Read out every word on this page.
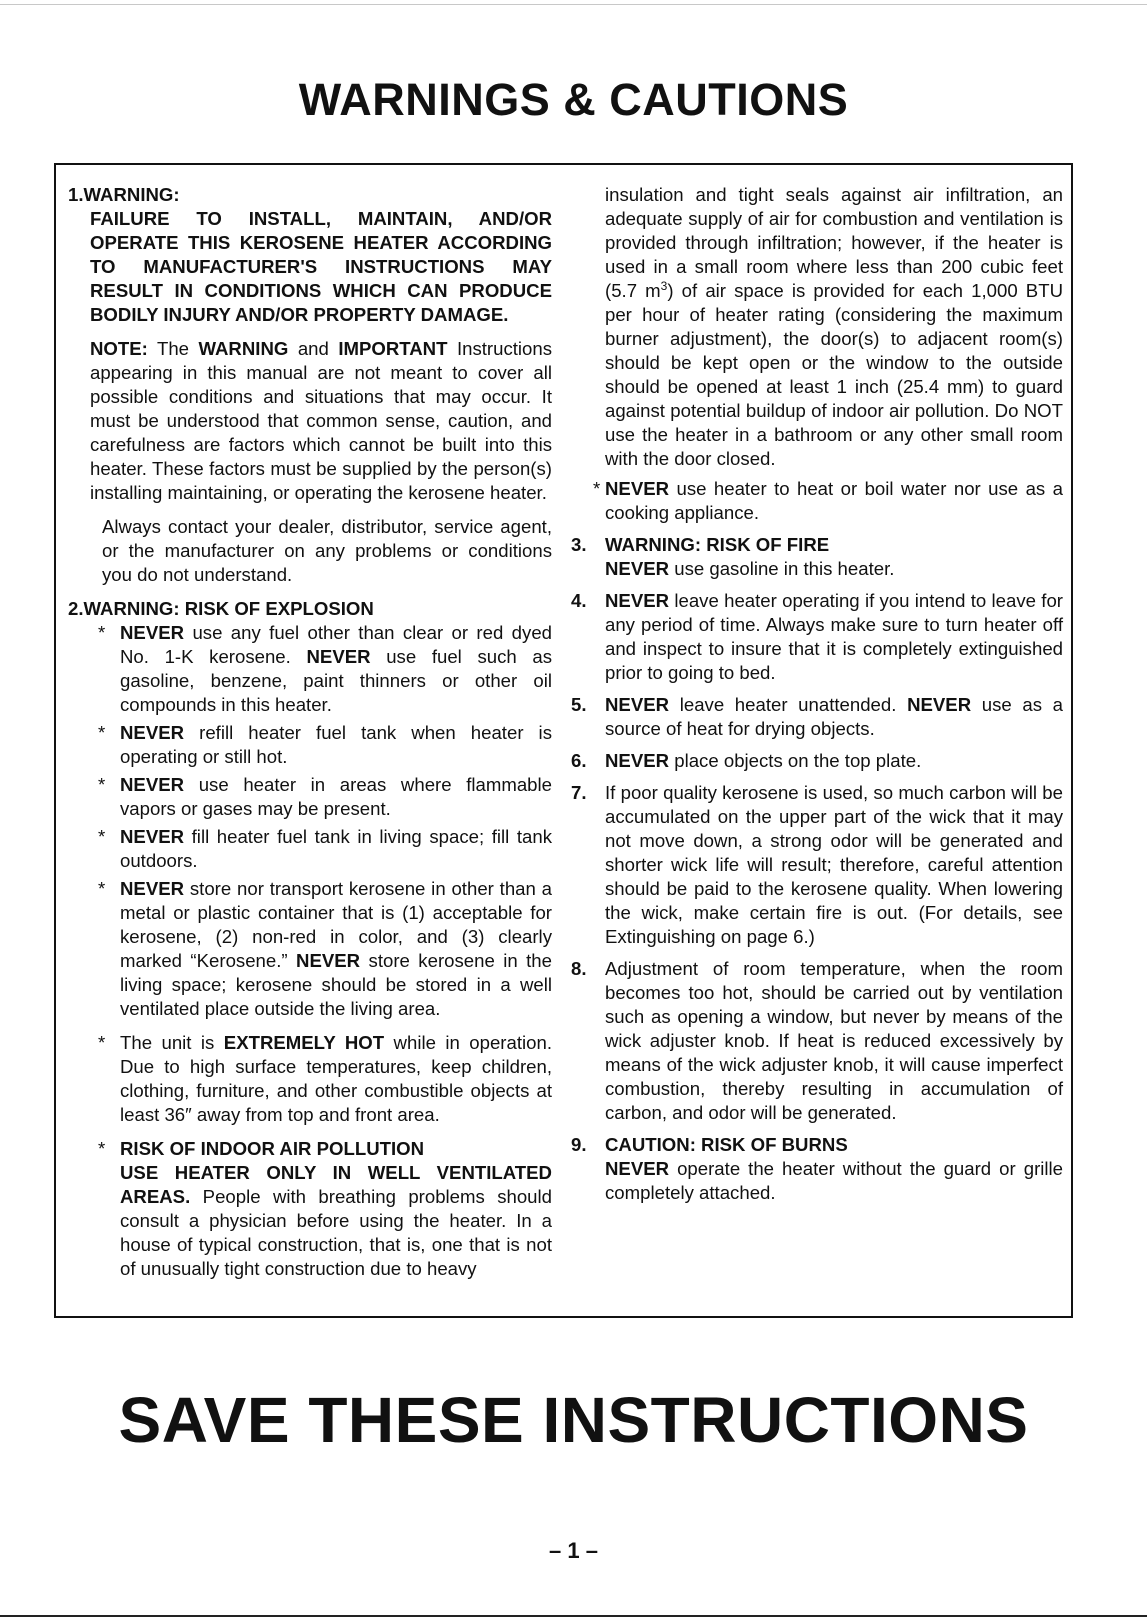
WARNINGS & CAUTIONS

1.WARNING:

FAILURE TO INSTALL, MAINTAIN, AND/OR OPERATE THIS KEROSENE HEATER ACCORDING TO MANUFACTURER'S INSTRUCTIONS MAY RESULT IN CONDITIONS WHICH CAN PRODUCE BODILY INJURY AND/OR PROPERTY DAMAGE.

NOTE: The WARNING and IMPORTANT Instructions appearing in this manual are not meant to cover all possible conditions and situations that may occur. It must be understood that common sense, caution, and carefulness are factors which cannot be built into this heater. These factors must be supplied by the person(s) installing maintaining, or operating the kerosene heater.

Always contact your dealer, distributor, service agent, or the manufacturer on any problems or conditions you do not understand.

2.WARNING: RISK OF EXPLOSION

* NEVER use any fuel other than clear or red dyed No. 1-K kerosene. NEVER use fuel such as gasoline, benzene, paint thinners or other oil compounds in this heater.
* NEVER refill heater fuel tank when heater is operating or still hot.
* NEVER use heater in areas where flammable vapors or gases may be present.
* NEVER fill heater fuel tank in living space; fill tank outdoors.
* NEVER store nor transport kerosene in other than a metal or plastic container that is (1) acceptable for kerosene, (2) non-red in color, and (3) clearly marked “Kerosene.” NEVER store kerosene in the living space; kerosene should be stored in a well ventilated place outside the living area.
* The unit is EXTREMELY HOT while in operation. Due to high surface temperatures, keep children, clothing, furniture, and other combustible objects at least 36″ away from top and front area.
* RISK OF INDOOR AIR POLLUTION
USE HEATER ONLY IN WELL VENTILATED AREAS. People with breathing problems should consult a physician before using the heater. In a house of typical construction, that is, one that is not of unusually tight construction due to heavy

insulation and tight seals against air infiltration, an adequate supply of air for combustion and ventilation is provided through infiltration; however, if the heater is used in a small room where less than 200 cubic feet (5.7 $m^3$) of air space is provided for each 1,000 BTU per hour of heater rating (considering the maximum burner adjustment), the door(s) to adjacent room(s) should be kept open or the window to the outside should be opened at least 1 inch (25.4 mm) to guard against potential buildup of indoor air pollution. Do NOT use the heater in a bathroom or any other small room with the door closed.

* NEVER use heater to heat or boil water nor use as a cooking appliance.
3. WARNING: RISK OF FIRE

NEVER use gasoline in this heater.

4. NEVER leave heater operating if you intend to leave for any period of time. Always make sure to turn heater off and inspect to insure that it is completely extinguished prior to going to bed.

5. NEVER leave heater unattended. NEVER use as a source of heat for drying objects.

6. NEVER place objects on the top plate.

7. If poor quality kerosene is used, so much carbon will be accumulated on the upper part of the wick that it may not move down, a strong odor will be generated and shorter wick life will result; therefore, careful attention should be paid to the kerosene quality. When lowering the wick, make certain fire is out. (For details, see Extinguishing on page 6.)

8. Adjustment of room temperature, when the room becomes too hot, should be carried out by ventilation such as opening a window, but never by means of the wick adjuster knob. If heat is reduced excessively by means of the wick adjuster knob, it will cause imperfect combustion, thereby resulting in accumulation of carbon, and odor will be generated.

9. CAUTION: RISK OF BURNS

NEVER operate the heater without the guard or grille completely attached.

SAVE THESE INSTRUCTIONS
– 1 –
